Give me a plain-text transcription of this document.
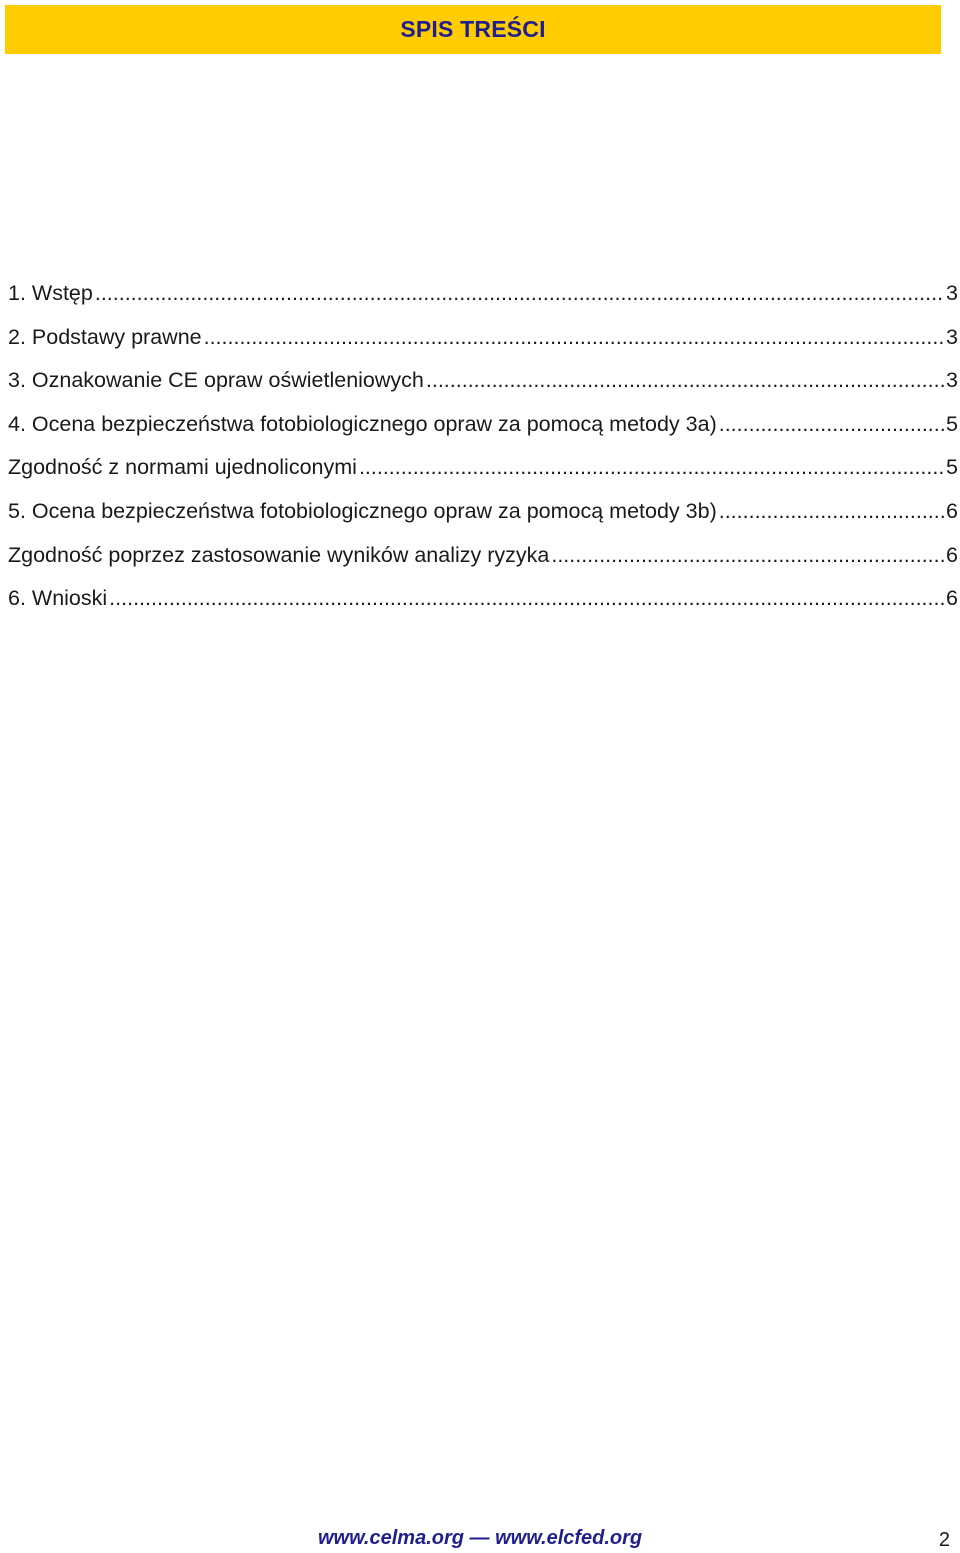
SPIS TREŚCI
1. Wstęp .....	3
2. Podstawy prawne .....	3
3. Oznakowanie CE opraw oświetleniowych .....	3
4. Ocena bezpieczeństwa fotobiologicznego opraw za pomocą metody 3a) .....	5
Zgodność z normami ujednoliconymi .....	5
5. Ocena bezpieczeństwa fotobiologicznego opraw za pomocą metody 3b) .....	6
Zgodność poprzez zastosowanie wyników analizy ryzyka .....	6
6. Wnioski .....	6
www.celma.org — www.elcfed.org	2
